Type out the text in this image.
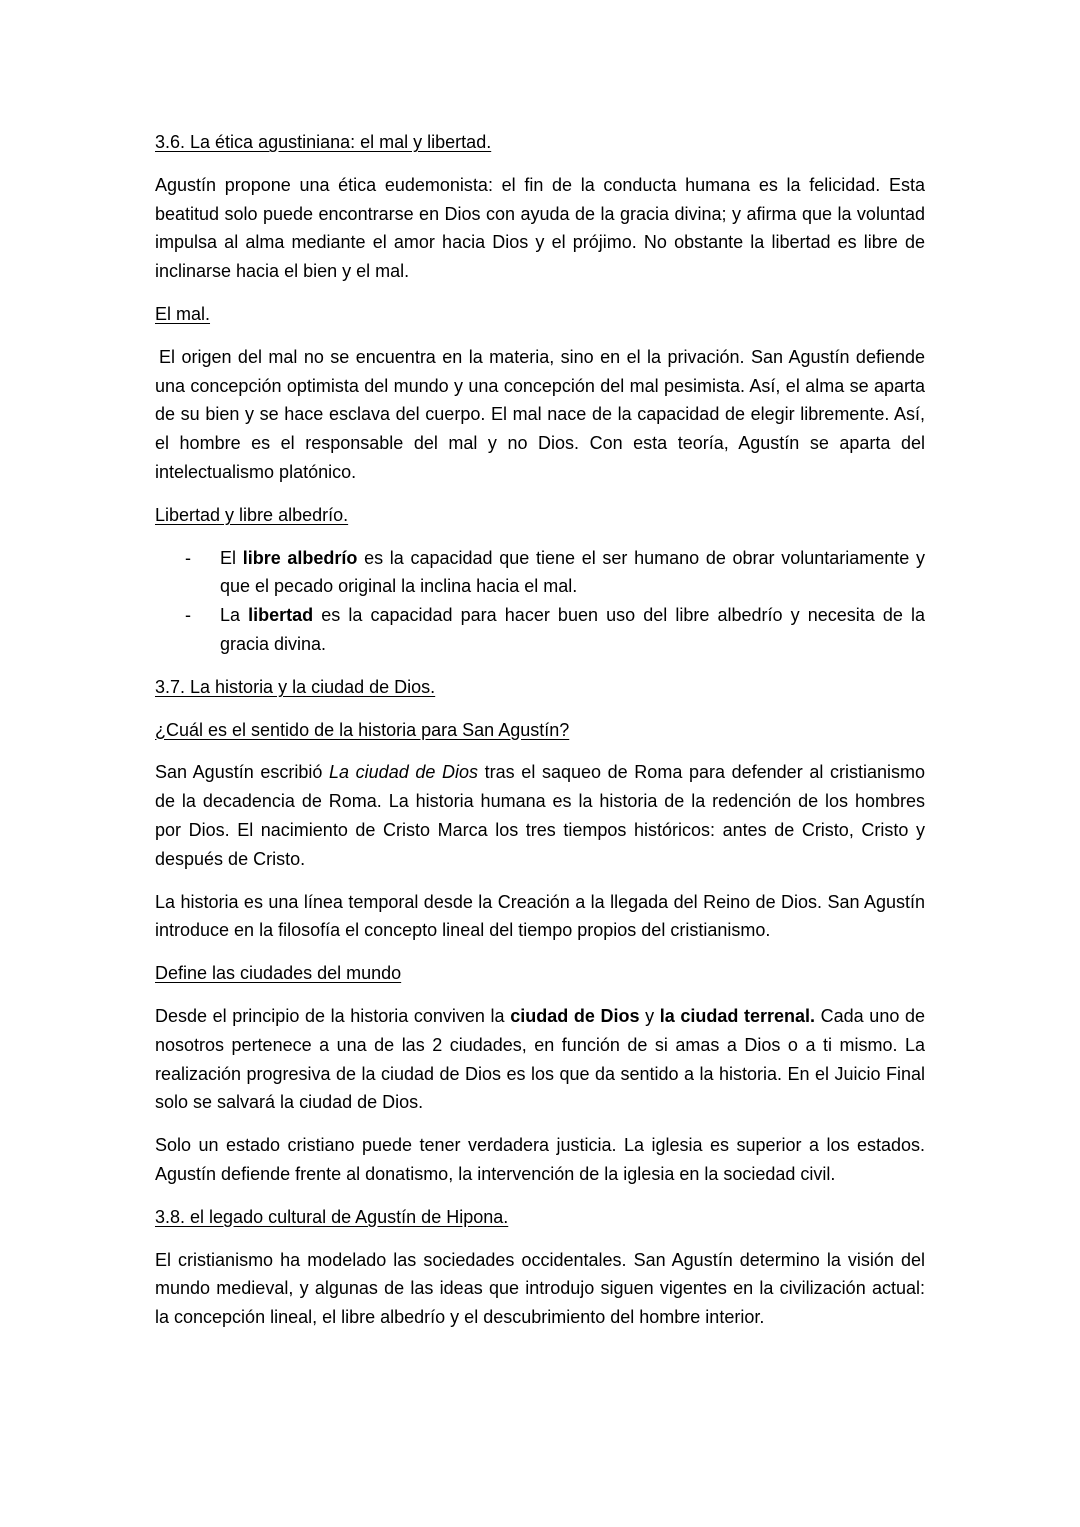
3.6. La ética agustiniana: el mal y libertad.
Agustín propone una ética eudemonista: el fin de la conducta humana es la felicidad. Esta beatitud solo puede encontrarse en Dios con ayuda de la gracia divina; y afirma que la voluntad impulsa al alma mediante el amor hacia Dios y el prójimo. No obstante la libertad es libre de inclinarse hacia el bien y el mal.
El mal.
El origen del mal no se encuentra en la materia, sino en el la privación. San Agustín defiende una concepción optimista del mundo y una concepción del mal pesimista. Así, el alma se aparta de su bien y se hace esclava del cuerpo. El mal nace de la capacidad de elegir libremente. Así, el hombre es el responsable del mal y no Dios. Con esta teoría, Agustín se aparta del intelectualismo platónico.
Libertad y libre albedrío.
- El libre albedrío es la capacidad que tiene el ser humano de obrar voluntariamente y que el pecado original la inclina hacia el mal.
- La libertad es la capacidad para hacer buen uso del libre albedrío y necesita de la gracia divina.
3.7. La historia y la ciudad de Dios.
¿Cuál es el sentido de la historia para San Agustín?
San Agustín escribió La ciudad de Dios tras el saqueo de Roma para defender al cristianismo de la decadencia de Roma. La historia humana es la historia de la redención de los hombres por Dios. El nacimiento de Cristo Marca los tres tiempos históricos: antes de Cristo, Cristo y después de Cristo.
La historia es una línea temporal desde la Creación a la llegada del Reino de Dios. San Agustín introduce en la filosofía el concepto lineal del tiempo propios del cristianismo.
Define las ciudades del mundo
Desde el principio de la historia conviven la ciudad de Dios y la ciudad terrenal. Cada uno de nosotros pertenece a una de las 2 ciudades, en función de si amas a Dios o a ti mismo. La realización progresiva de la ciudad de Dios es los que da sentido a la historia. En el Juicio Final solo se salvará la ciudad de Dios.
Solo un estado cristiano puede tener verdadera justicia. La iglesia es superior a los estados. Agustín defiende frente al donatismo, la intervención de la iglesia en la sociedad civil.
3.8. el legado cultural de Agustín de Hipona.
El cristianismo ha modelado las sociedades occidentales. San Agustín determino la visión del mundo medieval, y algunas de las ideas que introdujo siguen vigentes en la civilización actual: la concepción lineal, el libre albedrío y el descubrimiento del hombre interior.
